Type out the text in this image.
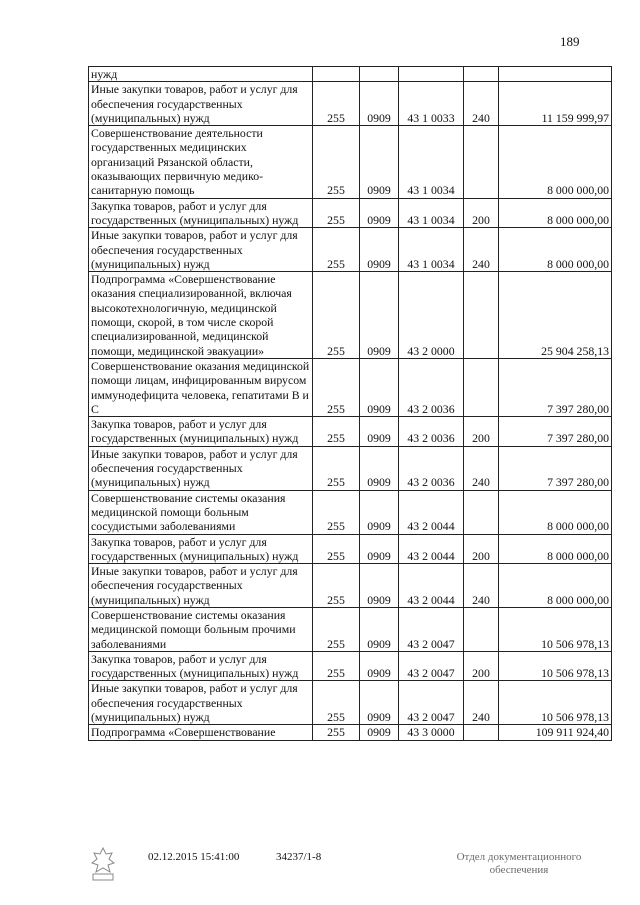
189
нужд					
Иные закупки товаров, работ и услуг для обеспечения государственных (муниципальных) нужд	255	0909	43 1 0033	240	11 159 999,97
Совершенствование деятельности государственных медицинских организаций Рязанской области, оказывающих первичную медико-санитарную помощь	255	0909	43 1 0034		8 000 000,00
Закупка товаров, работ и услуг для государственных (муниципальных) нужд	255	0909	43 1 0034	200	8 000 000,00
Иные закупки товаров, работ и услуг для обеспечения государственных (муниципальных) нужд	255	0909	43 1 0034	240	8 000 000,00
Подпрограмма «Совершенствование оказания специализированной, включая высокотехнологичную, медицинской помощи, скорой, в том числе скорой специализированной, медицинской помощи, медицинской эвакуации»	255	0909	43 2 0000		25 904 258,13
Совершенствование оказания медицинской помощи лицам, инфицированным вирусом иммунодефицита человека, гепатитами В и С	255	0909	43 2 0036		7 397 280,00
Закупка товаров, работ и услуг для государственных (муниципальных) нужд	255	0909	43 2 0036	200	7 397 280,00
Иные закупки товаров, работ и услуг для обеспечения государственных (муниципальных) нужд	255	0909	43 2 0036	240	7 397 280,00
Совершенствование системы оказания медицинской помощи больным сосудистыми заболеваниями	255	0909	43 2 0044		8 000 000,00
Закупка товаров, работ и услуг для государственных (муниципальных) нужд	255	0909	43 2 0044	200	8 000 000,00
Иные закупки товаров, работ и услуг для обеспечения государственных (муниципальных) нужд	255	0909	43 2 0044	240	8 000 000,00
Совершенствование системы оказания медицинской помощи больным прочими заболеваниями	255	0909	43 2 0047		10 506 978,13
Закупка товаров, работ и услуг для государственных (муниципальных) нужд	255	0909	43 2 0047	200	10 506 978,13
Иные закупки товаров, работ и услуг для обеспечения государственных (муниципальных) нужд	255	0909	43 2 0047	240	10 506 978,13
Подпрограмма «Совершенствование	255	0909	43 3 0000		109 911 924,40
02.12.2015 15:41:00	34237/1-8	Отдел документационного обеспечения
